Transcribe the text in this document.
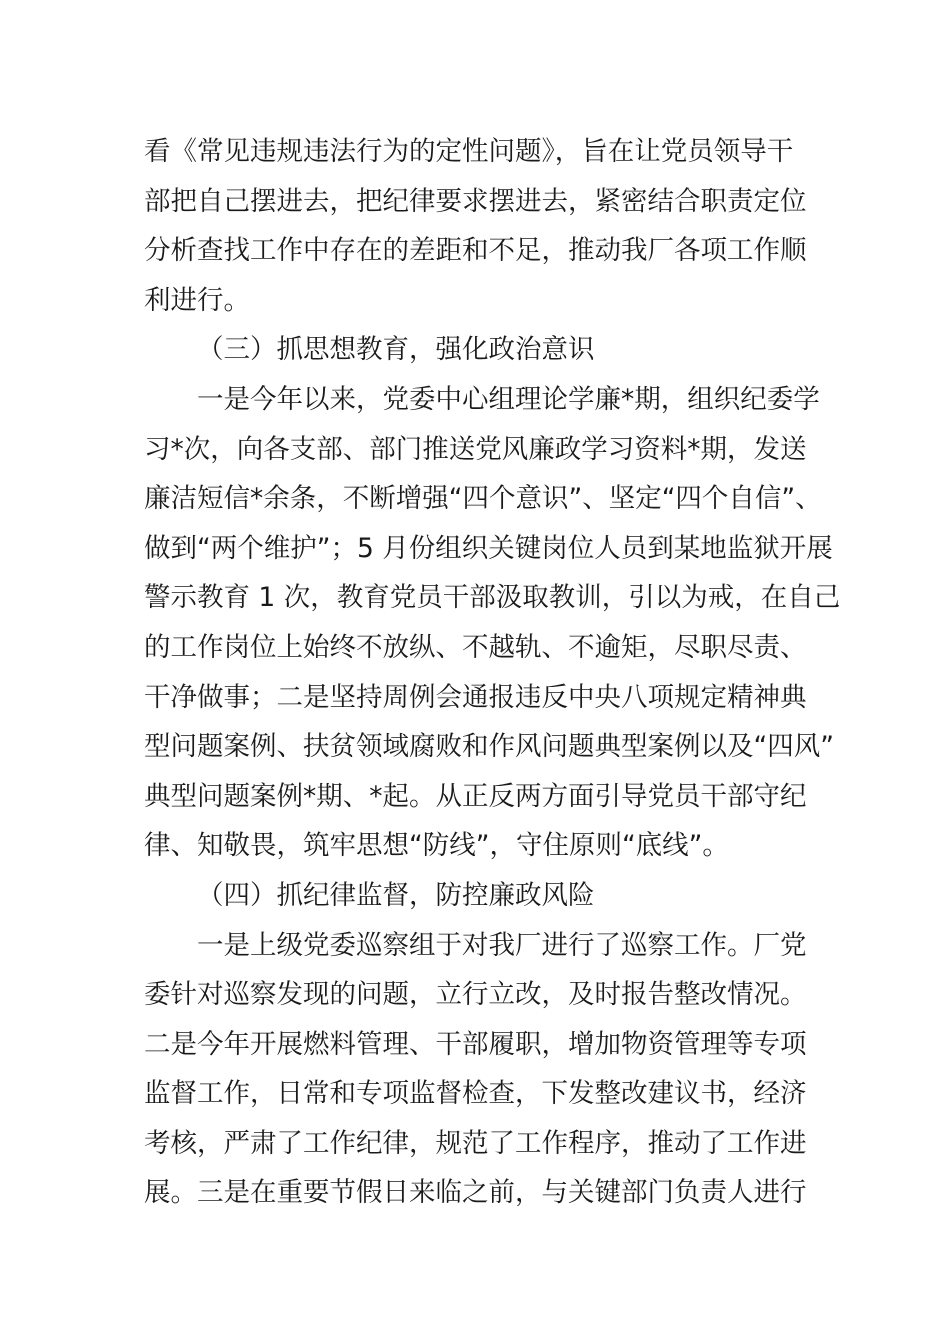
看《常见违规违法行为的定性问题》，旨在让党员领导干
部把自己摆进去，把纪律要求摆进去，紧密结合职责定位
分析查找工作中存在的差距和不足，推动我厂各项工作顺
利进行。
（三）抓思想教育，强化政治意识
一是今年以来，党委中心组理论学廉*期，组织纪委学
习*次，向各支部、部门推送党风廉政学习资料*期，发送
廉洁短信*余条，不断增强“四个意识”、坚定“四个自信”、
做到“两个维护”；5 月份组织关键岗位人员到某地监狱开展
警示教育 1 次，教育党员干部汲取教训，引以为戒，在自己
的工作岗位上始终不放纵、不越轨、不逾矩，尽职尽责、
干净做事；二是坚持周例会通报违反中央八项规定精神典
型问题案例、扶贫领域腐败和作风问题典型案例以及“四风”
典型问题案例*期、*起。从正反两方面引导党员干部守纪
律、知敬畏，筑牢思想“防线”，守住原则“底线”。
（四）抓纪律监督，防控廉政风险
一是上级党委巡察组于对我厂进行了巡察工作。厂党
委针对巡察发现的问题，立行立改，及时报告整改情况。
二是今年开展燃料管理、干部履职，增加物资管理等专项
监督工作，日常和专项监督检查，下发整改建议书，经济
考核，严肃了工作纪律，规范了工作程序，推动了工作进
展。三是在重要节假日来临之前，与关键部门负责人进行
